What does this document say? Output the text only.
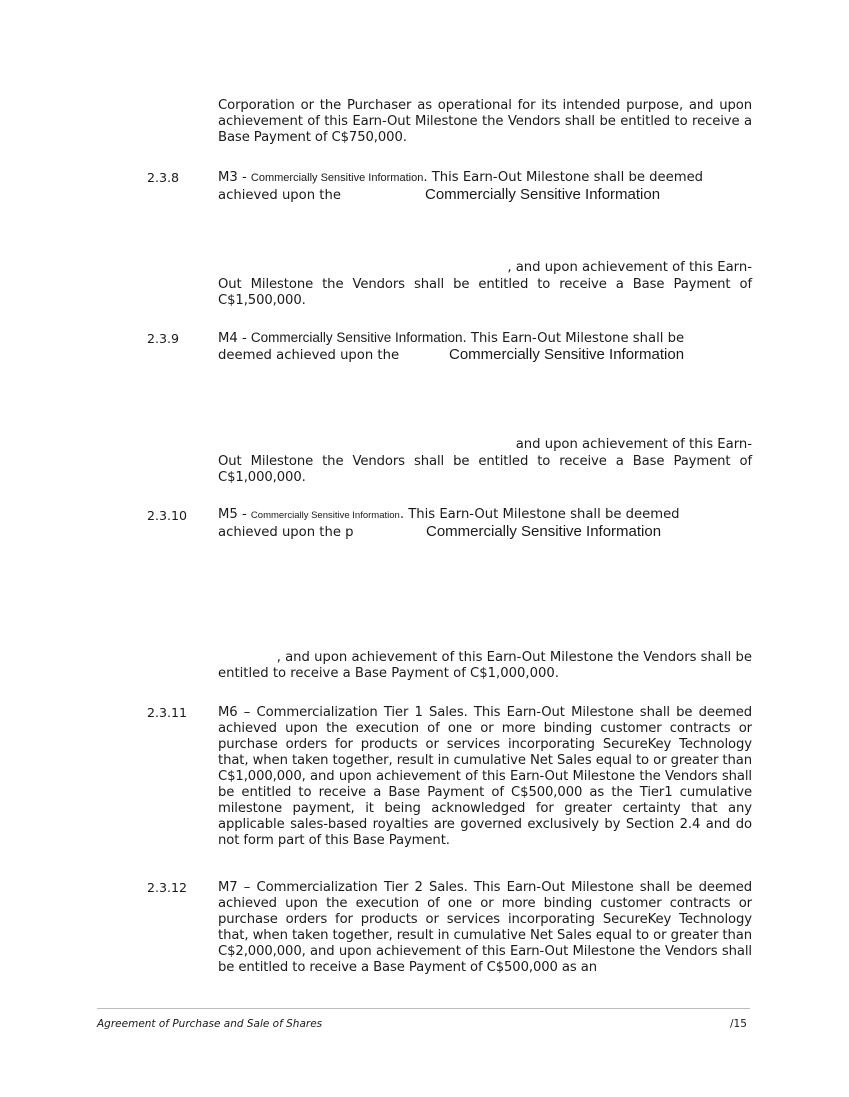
Corporation or the Purchaser as operational for its intended purpose, and upon achievement of this Earn-Out Milestone the Vendors shall be entitled to receive a Base Payment of C$750,000.
2.3.8	M3 - Commercially Sensitive Information. This Earn-Out Milestone shall be deemed
achieved upon the	Commercially Sensitive Information
, and upon achievement of this Earn-
Out Milestone the Vendors shall be entitled to receive a Base Payment of C$1,500,000.
2.3.9	M4 - Commercially Sensitive Information. This Earn-Out Milestone shall be
deemed achieved upon the	Commercially Sensitive Information
and upon achievement of this Earn-
Out Milestone the Vendors shall be entitled to receive a Base Payment of C$1,000,000.
2.3.10 M5 - Commercially Sensitive Information. This Earn-Out Milestone shall be deemed
achieved upon the p	Commercially Sensitive Information
, and upon achievement of this Earn-Out Milestone the Vendors shall be
entitled to receive a Base Payment of C$1,000,000.
2.3.11 M6 – Commercialization Tier 1 Sales. This Earn-Out Milestone shall be deemed achieved upon the execution of one or more binding customer contracts or purchase orders for products or services incorporating SecureKey Technology that, when taken together, result in cumulative Net Sales equal to or greater than C$1,000,000, and upon achievement of this Earn-Out Milestone the Vendors shall be entitled to receive a Base Payment of C$500,000 as the Tier1 cumulative milestone payment, it being acknowledged for greater certainty that any applicable sales-based royalties are governed exclusively by Section 2.4 and do not form part of this Base Payment.
2.3.12 M7 – Commercialization Tier 2 Sales. This Earn-Out Milestone shall be deemed achieved upon the execution of one or more binding customer contracts or purchase orders for products or services incorporating SecureKey Technology that, when taken together, result in cumulative Net Sales equal to or greater than C$2,000,000, and upon achievement of this Earn-Out Milestone the Vendors shall be entitled to receive a Base Payment of C$500,000 as an
Agreement of Purchase and Sale of Shares	/15
